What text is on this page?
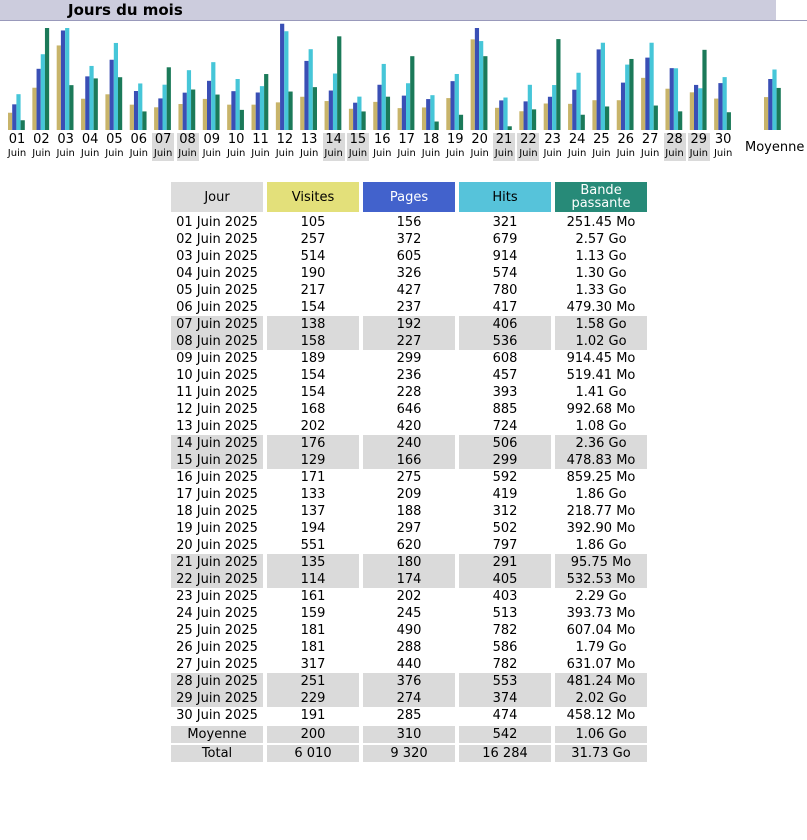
Jours du mois
01
Juin
02
Juin
03
Juin
04
Juin
05
Juin
06
Juin
07
Juin
08
Juin
09
Juin
10
Juin
11
Juin
12
Juin
13
Juin
14
Juin
15
Juin
16
Juin
17
Juin
18
Juin
19
Juin
20
Juin
21
Juin
22
Juin
23
Juin
24
Juin
25
Juin
26
Juin
27
Juin
28
Juin
29
Juin
30
Juin Moyenne
Jour	Visites	Pages	Hits	Bande passante
01 Juin 2025	105	156	321	251.45 Mo
02 Juin 2025	257	372	679	2.57 Go
03 Juin 2025	514	605	914	1.13 Go
04 Juin 2025	190	326	574	1.30 Go
05 Juin 2025	217	427	780	1.33 Go
06 Juin 2025	154	237	417	479.30 Mo
07 Juin 2025	138	192	406	1.58 Go
08 Juin 2025	158	227	536	1.02 Go
09 Juin 2025	189	299	608	914.45 Mo
10 Juin 2025	154	236	457	519.41 Mo
11 Juin 2025	154	228	393	1.41 Go
12 Juin 2025	168	646	885	992.68 Mo
13 Juin 2025	202	420	724	1.08 Go
14 Juin 2025	176	240	506	2.36 Go
15 Juin 2025	129	166	299	478.83 Mo
16 Juin 2025	171	275	592	859.25 Mo
17 Juin 2025	133	209	419	1.86 Go
18 Juin 2025	137	188	312	218.77 Mo
19 Juin 2025	194	297	502	392.90 Mo
20 Juin 2025	551	620	797	1.86 Go
21 Juin 2025	135	180	291	95.75 Mo
22 Juin 2025	114	174	405	532.53 Mo
23 Juin 2025	161	202	403	2.29 Go
24 Juin 2025	159	245	513	393.73 Mo
25 Juin 2025	181	490	782	607.04 Mo
26 Juin 2025	181	288	586	1.79 Go
27 Juin 2025	317	440	782	631.07 Mo
28 Juin 2025	251	376	553	481.24 Mo
29 Juin 2025	229	274	374	2.02 Go
30 Juin 2025	191	285	474	458.12 Mo
Moyenne	200	310	542	1.06 Go
Total	6 010	9 320	16 284	31.73 Go
